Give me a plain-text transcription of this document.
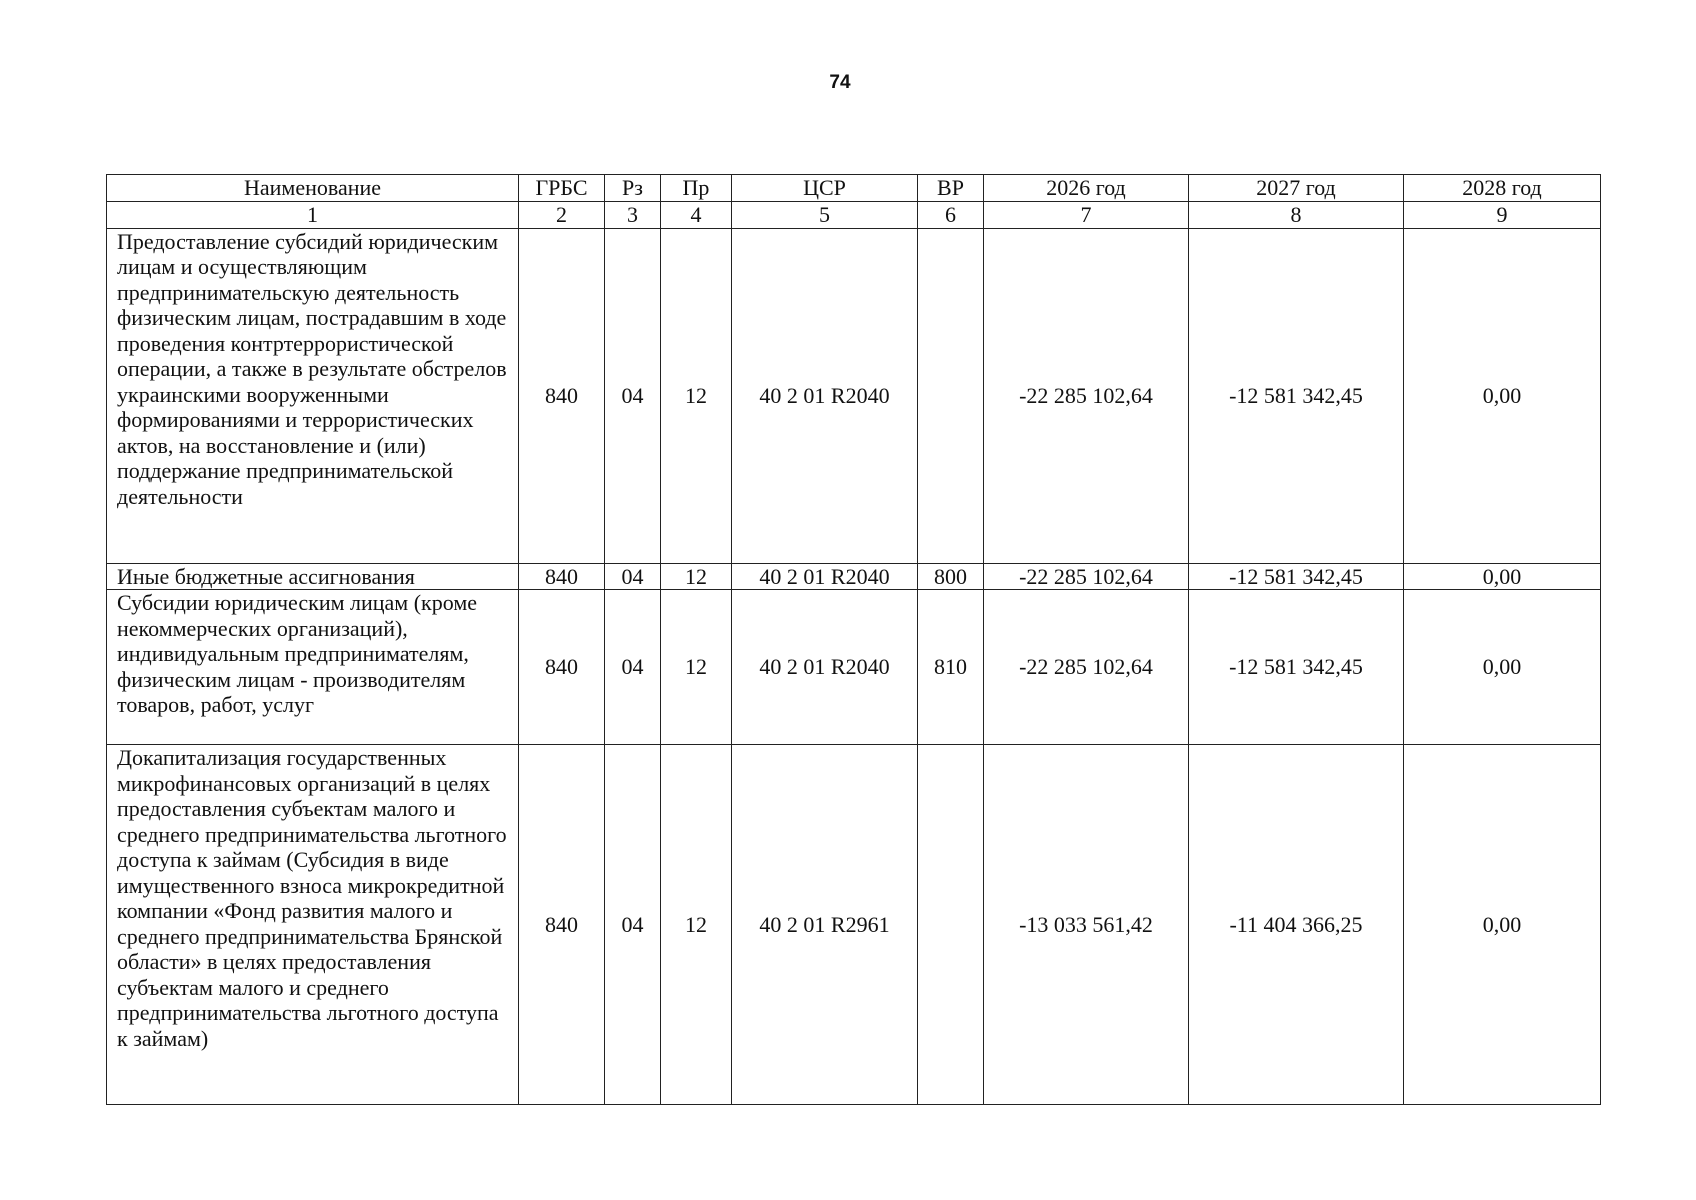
74
Наименование	ГРБС	Рз	Пр	ЦСР	ВР	2026 год	2027 год	2028 год
1	2	3	4	5	6	7	8	9
Предоставление субсидий юридическим лицам и осуществляющим предпринимательскую деятельность физическим лицам, пострадавшим в ходе проведения контртеррористической операции, а также в результате обстрелов украинскими вооруженными формированиями и террористических актов, на восстановление и (или) поддержание предпринимательской деятельности	840	04	12	40 2 01 R2040		-22 285 102,64	-12 581 342,45	0,00
Иные бюджетные ассигнования	840	04	12	40 2 01 R2040	800	-22 285 102,64	-12 581 342,45	0,00
Субсидии юридическим лицам (кроме некоммерческих организаций), индивидуальным предпринимателям, физическим лицам - производителям товаров, работ, услуг	840	04	12	40 2 01 R2040	810	-22 285 102,64	-12 581 342,45	0,00
Докапитализация государственных микрофинансовых организаций в целях предоставления субъектам малого и среднего предпринимательства льготного доступа к займам (Субсидия в виде имущественного взноса микрокредитной компании «Фонд развития малого и среднего предпринимательства Брянской области» в целях предоставления субъектам малого и среднего предпринимательства льготного доступа к займам)	840	04	12	40 2 01 R2961		-13 033 561,42	-11 404 366,25	0,00
